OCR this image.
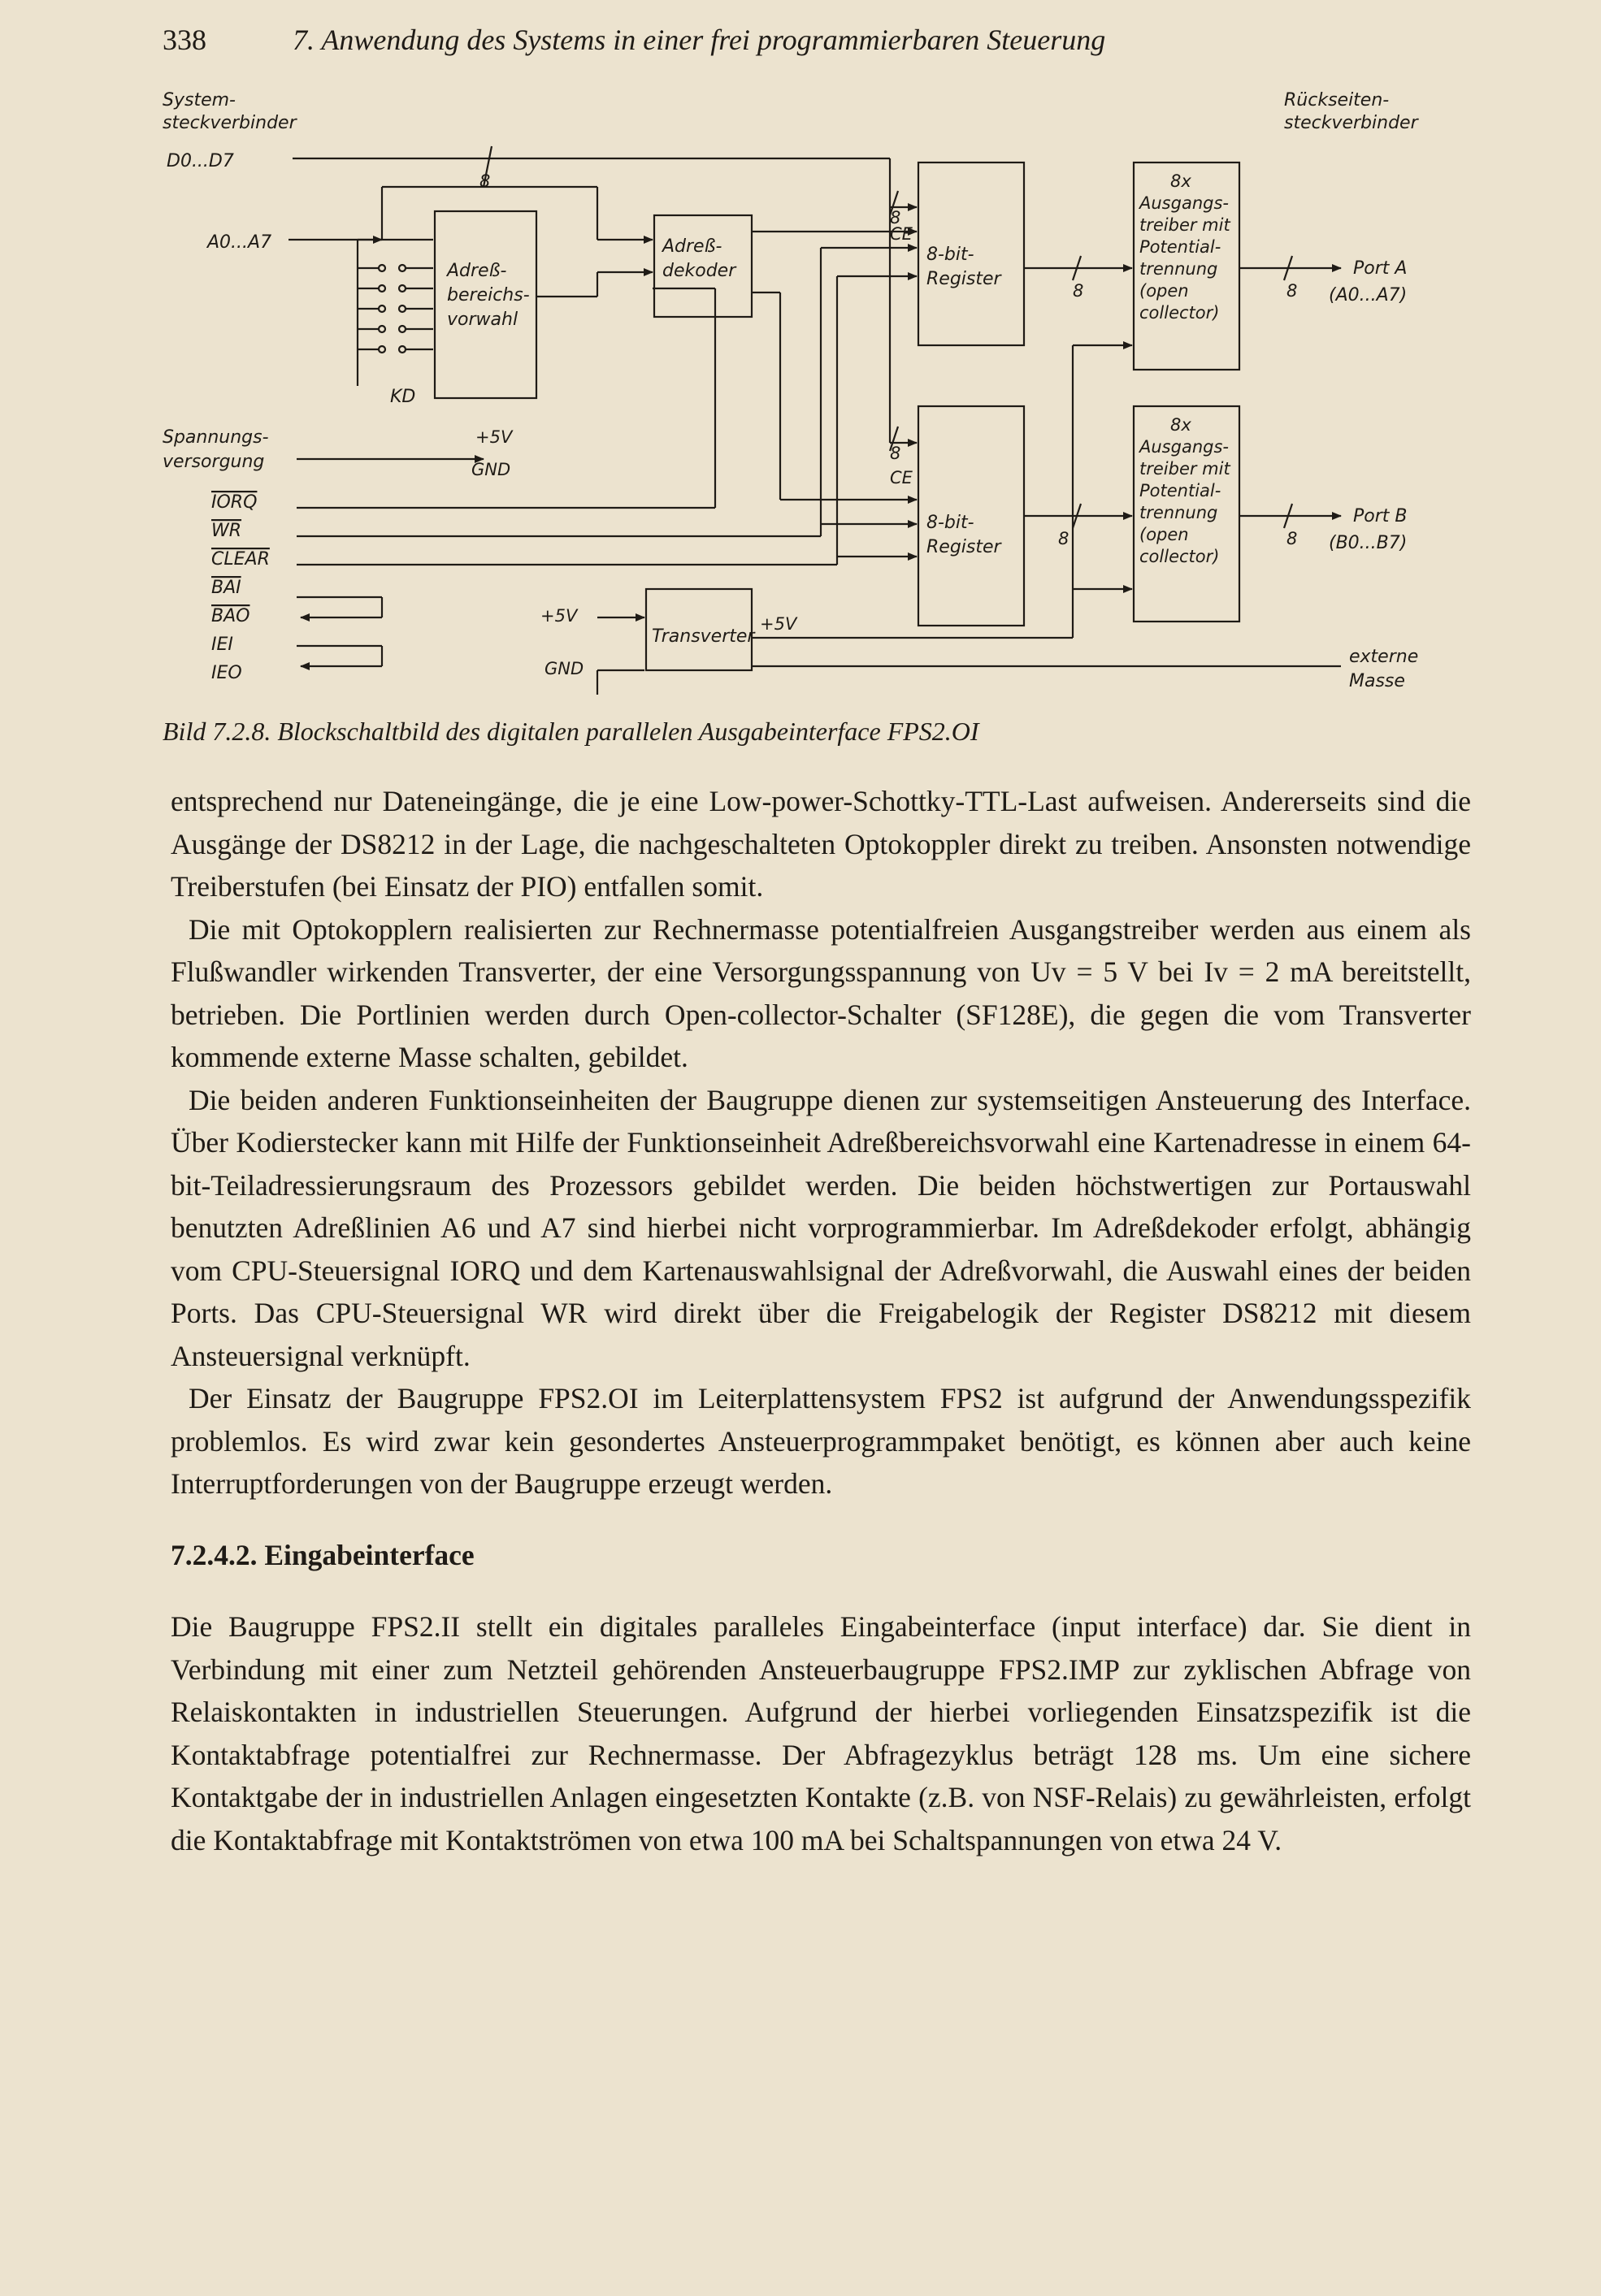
338	7. Anwendung des Systems in einer frei programmierbaren Steuerung
System-
steckverbinder
D0...D7
A0...A7
KD
Spannungs-
versorgung
+5V
GND
IORQ
WR
CLEAR
BAI
BAO
IEI
IEO
+5V
GND
Adreß-
bereichs-
vorwahl
Adreß-
dekoder
8-bit-
Register
8-bit-
Register
8x
Ausgangs-
treiber mit
Potential-
trennung
(open
collector)
8x
Ausgangs-
treiber mit
Potential-
trennung
(open
collector)
Transverter
+5V
CE
CE
8
8
8
8
8
8
8
Rückseiten-
steckverbinder
Port A
(A0...A7)
Port B
(B0...B7)
externe
Masse
Bild 7.2.8. Blockschaltbild des digitalen parallelen Ausgabeinterface FPS2.OI

entsprechend nur Dateneingänge, die je eine Low-power-Schottky-TTL-Last aufweisen. Andererseits sind die Ausgänge der DS8212 in der Lage, die nachgeschalteten Optokoppler direkt zu treiben. Ansonsten notwendige Treiberstufen (bei Einsatz der PIO) entfallen somit.

Die mit Optokopplern realisierten zur Rechnermasse potentialfreien Ausgangstreiber werden aus einem als Flußwandler wirkenden Transverter, der eine Versorgungsspannung von Uv = 5 V bei Iv = 2 mA bereitstellt, betrieben. Die Portlinien werden durch Open-collector-Schalter (SF128E), die gegen die vom Transverter kommende externe Masse schalten, gebildet.

Die beiden anderen Funktionseinheiten der Baugruppe dienen zur systemseitigen Ansteuerung des Interface. Über Kodierstecker kann mit Hilfe der Funktionseinheit Adreßbereichsvorwahl eine Kartenadresse in einem 64-bit-Teiladressierungsraum des Prozessors gebildet werden. Die beiden höchstwertigen zur Portauswahl benutzten Adreßlinien A6 und A7 sind hierbei nicht vorprogrammierbar. Im Adreßdekoder erfolgt, abhängig vom CPU-Steuersignal IORQ und dem Kartenauswahlsignal der Adreßvorwahl, die Auswahl eines der beiden Ports. Das CPU-Steuersignal WR wird direkt über die Freigabelogik der Register DS8212 mit diesem Ansteuersignal verknüpft.

Der Einsatz der Baugruppe FPS2.OI im Leiterplattensystem FPS2 ist aufgrund der Anwendungsspezifik problemlos. Es wird zwar kein gesondertes Ansteuerprogrammpaket benötigt, es können aber auch keine Interruptforderungen von der Baugruppe erzeugt werden.

7.2.4.2. Eingabeinterface

Die Baugruppe FPS2.II stellt ein digitales paralleles Eingabeinterface (input interface) dar. Sie dient in Verbindung mit einer zum Netzteil gehörenden Ansteuerbaugruppe FPS2.IMP zur zyklischen Abfrage von Relaiskontakten in industriellen Steuerungen. Aufgrund der hierbei vorliegenden Einsatzspezifik ist die Kontaktabfrage potentialfrei zur Rechnermasse. Der Abfragezyklus beträgt 128 ms. Um eine sichere Kontaktgabe der in industriellen Anlagen eingesetzten Kontakte (z.B. von NSF-Relais) zu gewährleisten, erfolgt die Kontaktabfrage mit Kontaktströmen von etwa 100 mA bei Schaltspannungen von etwa 24 V.
